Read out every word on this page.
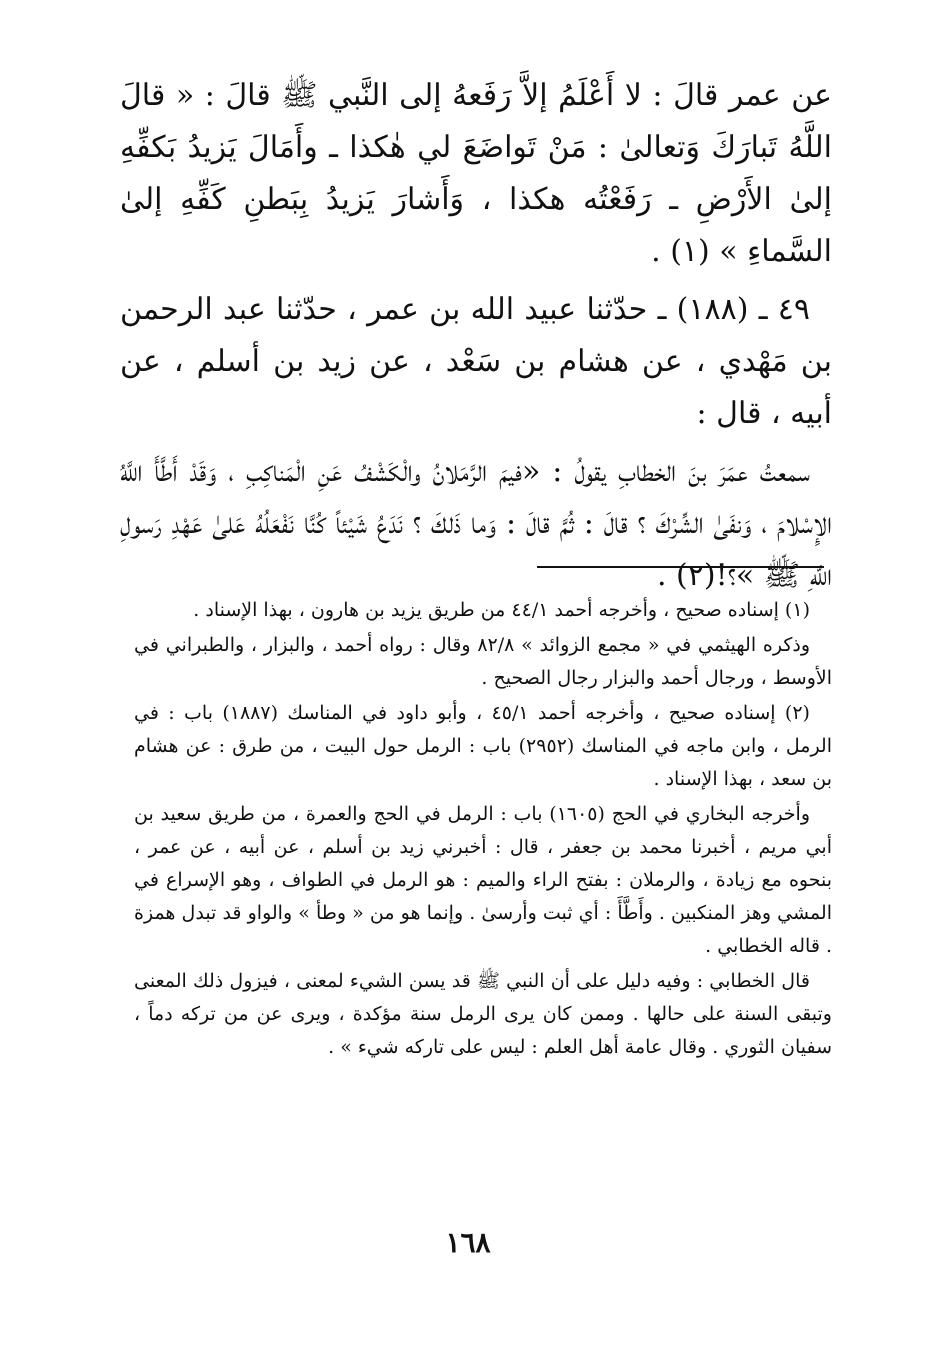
عن عمر قالَ : لا أَعْلَمُ إلاَّ رَفَعهُ إلى النَّبي ﷺ قالَ : « قالَ اللَّهُ تَبارَكَ وَتعالىٰ : مَنْ تَواضَعَ لي هٰكذا ـ وأَمَالَ يَزيدُ بَكفِّهِ إلىٰ الأَرْضِ ـ رَفَعْتُه هكذا ، وَأَشارَ يَزيدُ بِبَطنِ كَفِّهِ إلىٰ السَّماءِ » (١) .

٤٩ ـ (١٨٨) ـ حدّثنا عبيد الله بن عمر ، حدّثنا عبد الرحمن بن مَهْدي ، عن هشام بن سَعْد ، عن زيد بن أسلم ، عن أبيه ، قال :

سمعتُ عمَرَ بنَ الخطابِ يقولُ : «فيمَ الرَّمَلانُ والْكَشْفُ عَنِ الْمَناكِبِ ، وَقَدْ أَطَّأَ اللَّهُ الإِسْلامَ ، وَنفَىٰ الشِّرْكَ ؟ قالَ : ثُمَّ قالَ : وَما ذَلكَ ؟ نَدَعُ شَيْئاً كُنَّا نَفْعَلُهُ عَلىٰ عَهْدِ رَسولِ اللَّهِ ﷺ »؟!(٢) .

(١) إسناده صحيح ، وأخرجه أحمد ٤٤/١ من طريق يزيد بن هارون ، بهذا الإسناد .

وذكره الهيثمي في « مجمع الزوائد » ٨٢/٨ وقال : رواه أحمد ، والبزار ، والطبراني في الأوسط ، ورجال أحمد والبزار رجال الصحيح .

(٢) إسناده صحيح ، وأخرجه أحمد ٤٥/١ ، وأبو داود في المناسك (١٨٨٧) باب : في الرمل ، وابن ماجه في المناسك (٢٩٥٢) باب : الرمل حول البيت ، من طرق : عن هشام بن سعد ، بهذا الإسناد .

وأخرجه البخاري في الحج (١٦٠٥) باب : الرمل في الحج والعمرة ، من طريق سعيد بن أبي مريم ، أخبرنا محمد بن جعفر ، قال : أخبرني زيد بن أسلم ، عن أبيه ، عن عمر ، بنحوه مع زيادة ، والرملان : بفتح الراء والميم : هو الرمل في الطواف ، وهو الإسراع في المشي وهز المنكبين . وأَطَّأَ : أي ثبت وأرسىٰ . وإنما هو من « وطأ » والواو قد تبدل همزة . قاله الخطابي .

قال الخطابي : وفيه دليل على أن النبي ﷺ قد يسن الشيء لمعنى ، فيزول ذلك المعنى وتبقى السنة على حالها . وممن كان يرى الرمل سنة مؤكدة ، ويرى عن من تركه دماً ، سفيان الثوري . وقال عامة أهل العلم : ليس على تاركه شيء » .

١٦٨
